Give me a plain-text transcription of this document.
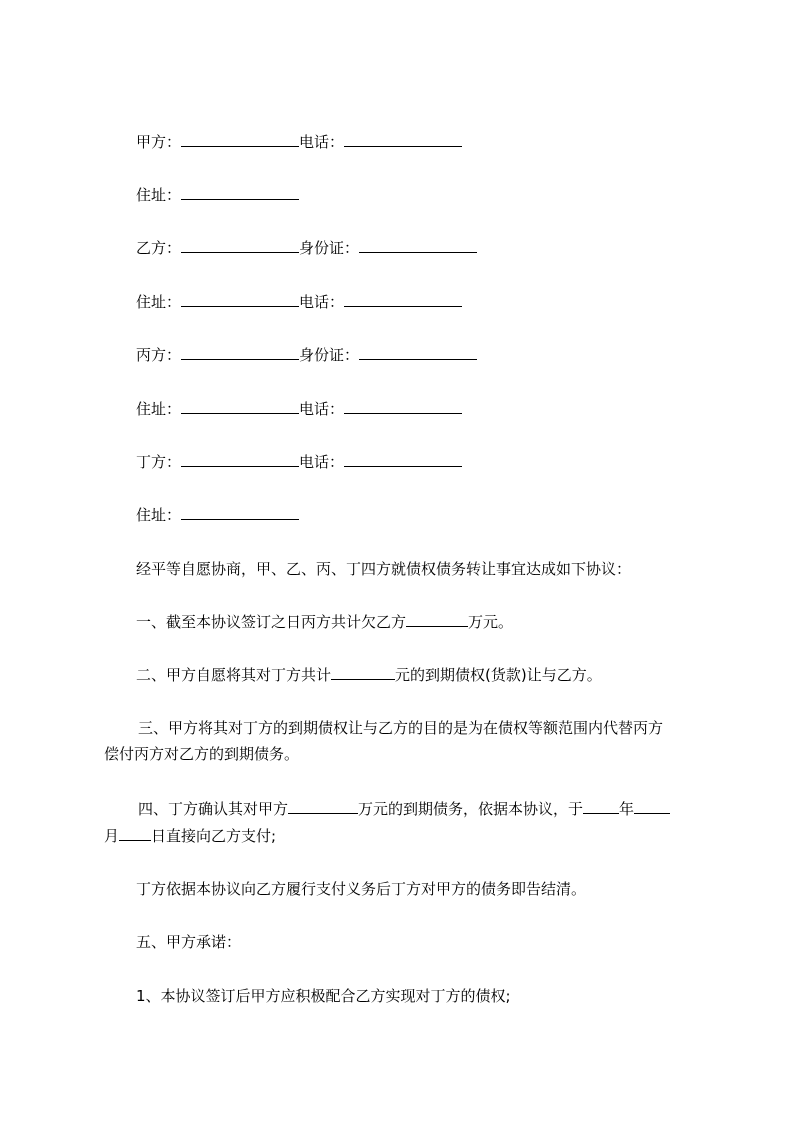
甲方：	电话：
住址：
乙方：	身份证：
住址：	电话：
丙方：	身份证：
住址：	电话：
丁方：	电话：
住址：
经平等自愿协商，甲、乙、丙、丁四方就债权债务转让事宜达成如下协议：
一、截至本协议签订之日丙方共计欠乙方	万元。
二、甲方自愿将其对丁方共计	元的到期债权(货款)让与乙方。
三、甲方将其对丁方的到期债权让与乙方的目的是为在债权等额范围内代替丙方
偿付丙方对乙方的到期债务。
四、丁方确认其对甲方	万元的到期债务，依据本协议，于 年
月 日直接向乙方支付;
丁方依据本协议向乙方履行支付义务后丁方对甲方的债务即告结清。
五、甲方承诺：
1、本协议签订后甲方应积极配合乙方实现对丁方的债权;
